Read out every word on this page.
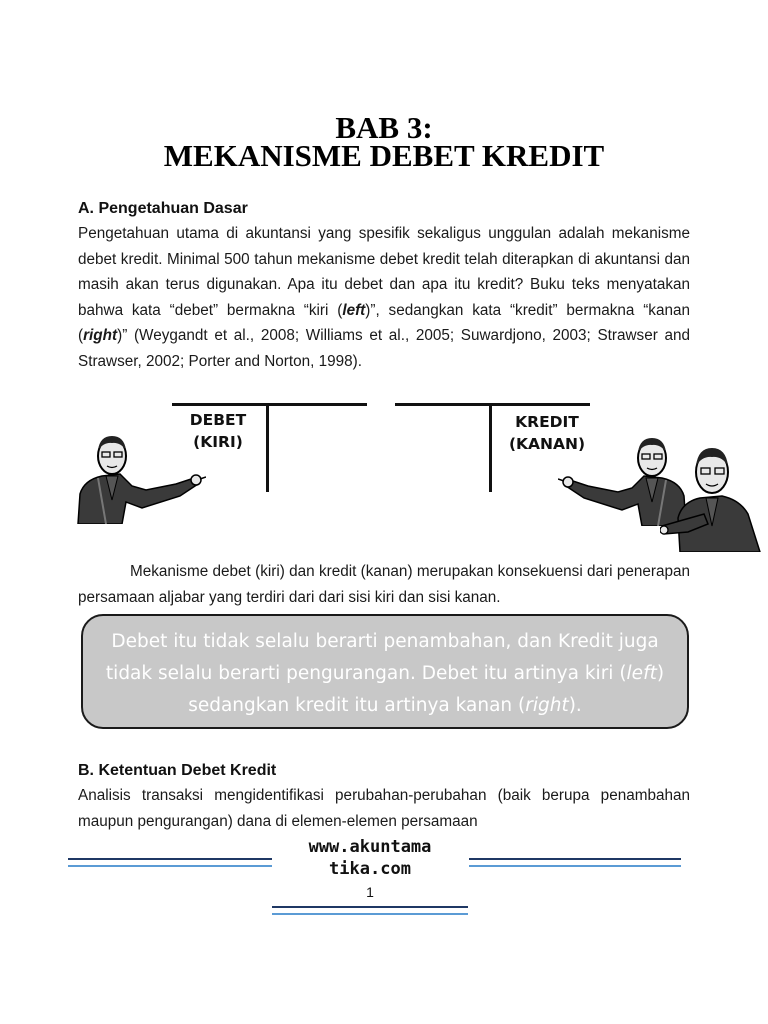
BAB 3:
MEKANISME DEBET KREDIT
A. Pengetahuan Dasar
Pengetahuan utama di akuntansi yang spesifik sekaligus unggulan adalah mekanisme debet kredit. Minimal 500 tahun mekanisme debet kredit telah diterapkan di akuntansi dan masih akan terus digunakan. Apa itu debet dan apa itu kredit? Buku teks menyatakan bahwa kata “debet” bermakna “kiri (left)”, sedangkan kata “kredit” bermakna “kanan (right)” (Weygandt et al., 2008; Williams et al., 2005; Suwardjono, 2003; Strawser and Strawser, 2002; Porter and Norton, 1998).
DEBET
(KIRI)
KREDIT
(KANAN)
Mekanisme debet (kiri) dan kredit (kanan) merupakan konsekuensi dari penerapan persamaan aljabar yang terdiri dari dari sisi kiri dan sisi kanan.
Debet itu tidak selalu berarti penambahan, dan Kredit juga tidak selalu berarti pengurangan. Debet itu artinya kiri (left) sedangkan kredit itu artinya kanan (right).
B. Ketentuan Debet Kredit
Analisis transaksi mengidentifikasi perubahan-perubahan (baik berupa penambahan maupun pengurangan) dana di elemen-elemen persamaan
www.akuntama
tika.com
1
